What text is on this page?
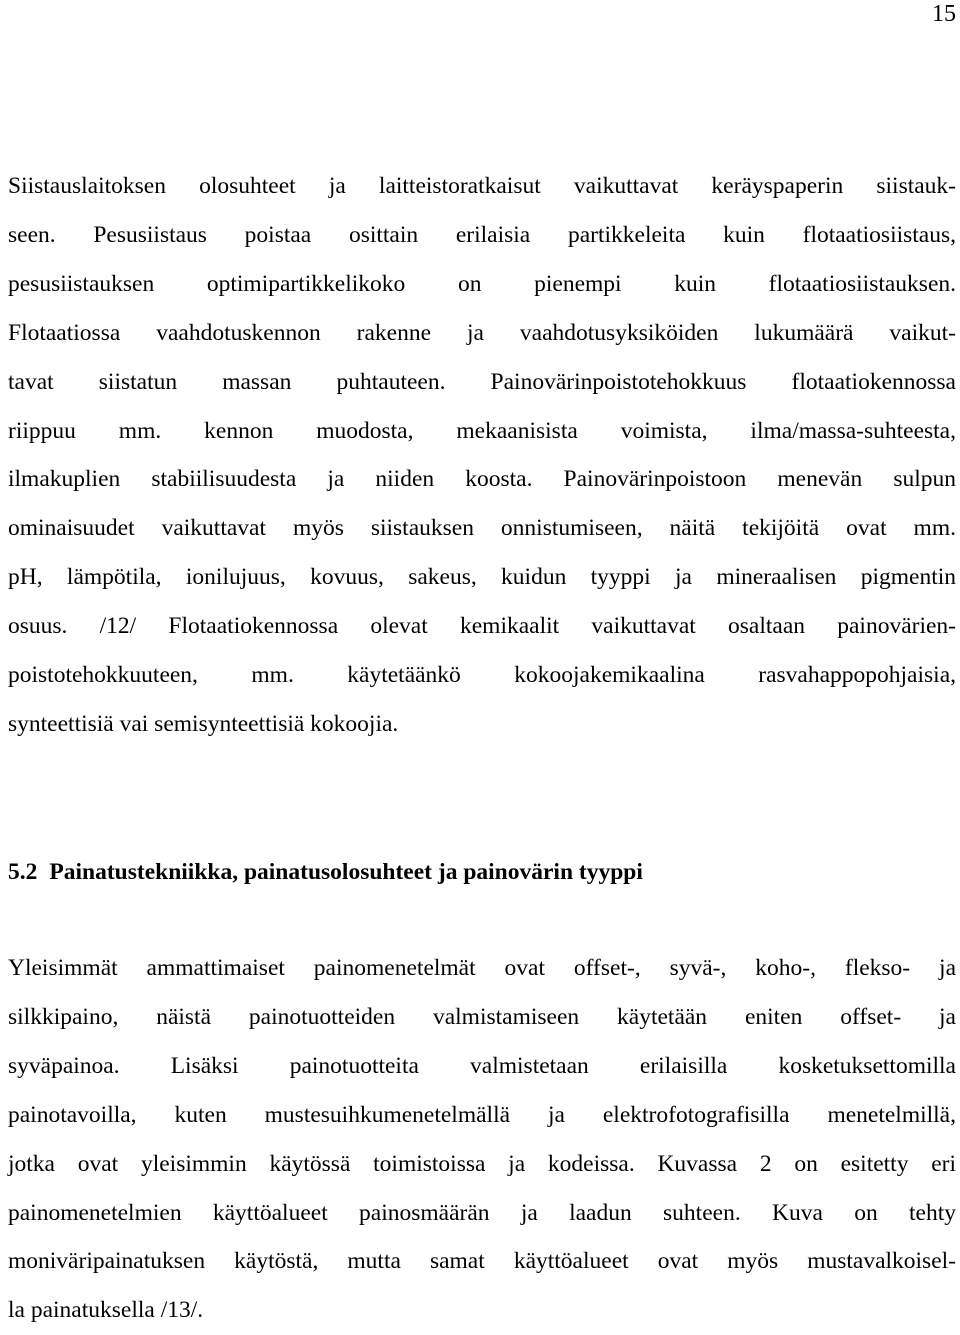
15
Siistauslaitoksen olosuhteet ja laitteistoratkaisut vaikuttavat keräyspaperin siistauk-
seen. Pesusiistaus poistaa osittain erilaisia partikkeleita kuin flotaatiosiistaus,
pesusiistauksen optimipartikkelikoko on pienempi kuin flotaatiosiistauksen.
Flotaatiossa vaahdotuskennon rakenne ja vaahdotusyksiköiden lukumäärä vaikut-
tavat siistatun massan puhtauteen. Painovärinpoistotehokkuus flotaatiokennossa
riippuu mm. kennon muodosta, mekaanisista voimista, ilma/massa-suhteesta,
ilmakuplien stabiilisuudesta ja niiden koosta. Painovärinpoistoon menevän sulpun
ominaisuudet vaikuttavat myös siistauksen onnistumiseen, näitä tekijöitä ovat mm.
pH, lämpötila, ionilujuus, kovuus, sakeus, kuidun tyyppi ja mineraalisen pigmentin
osuus. /12/ Flotaatiokennossa olevat kemikaalit vaikuttavat osaltaan painovärien-
poistotehokkuuteen, mm. käytetäänkö kokoojakemikaalina rasvahappopohjaisia,
synteettisiä vai semisynteettisiä kokoojia.
5.2 Painatustekniikka, painatusolosuhteet ja painovärin tyyppi
Yleisimmät ammattimaiset painomenetelmät ovat offset-, syvä-, koho-, flekso- ja
silkkipaino, näistä painotuotteiden valmistamiseen käytetään eniten offset- ja
syväpainoa. Lisäksi painotuotteita valmistetaan erilaisilla kosketuksettomilla
painotavoilla, kuten mustesuihkumenetelmällä ja elektrofotografisilla menetelmillä,
jotka ovat yleisimmin käytössä toimistoissa ja kodeissa. Kuvassa 2 on esitetty eri
painomenetelmien käyttöalueet painosmäärän ja laadun suhteen. Kuva on tehty
moniväripainatuksen käytöstä, mutta samat käyttöalueet ovat myös mustavalkoisel-
la painatuksella /13/.
